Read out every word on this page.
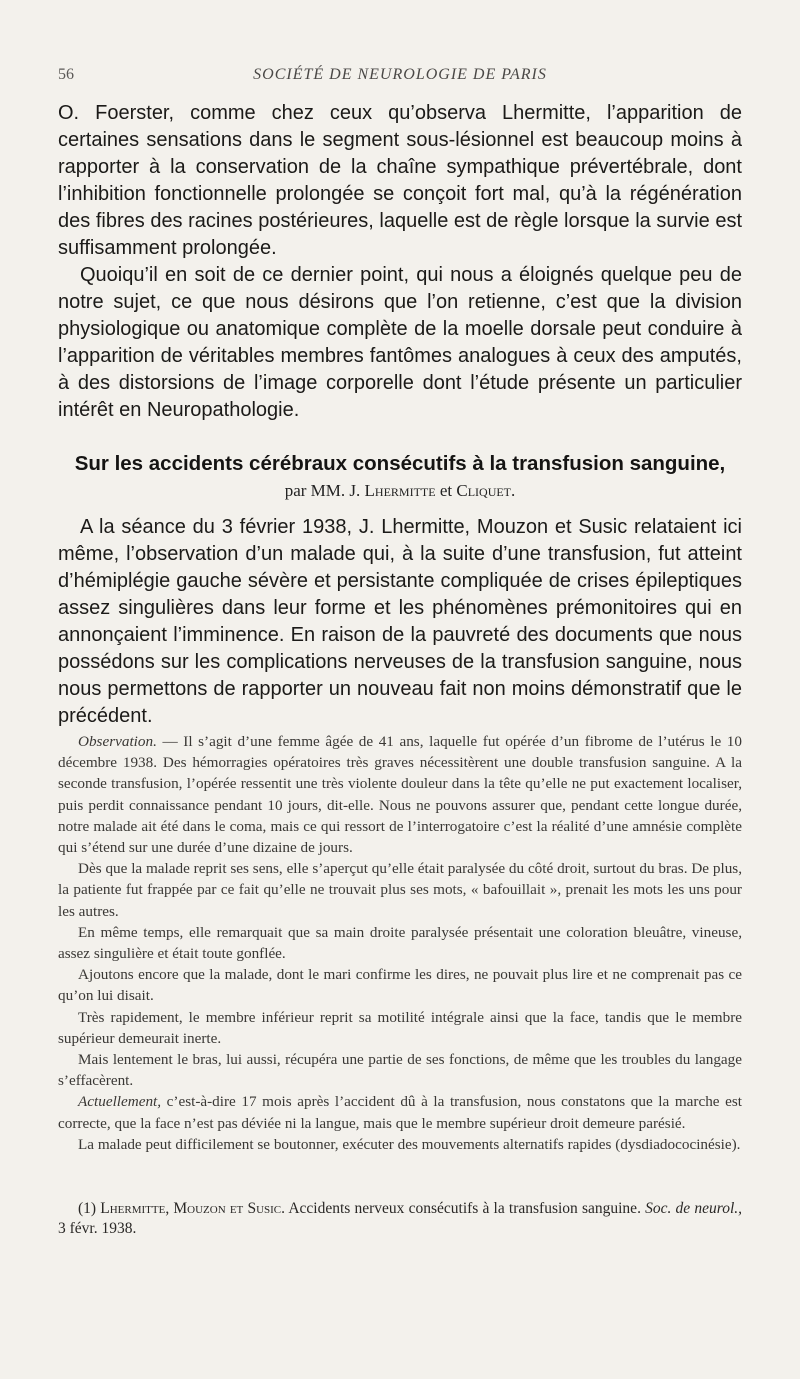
56	SOCIÉTÉ DE NEUROLOGIE DE PARIS

O. Foerster, comme chez ceux qu’observa Lhermitte, l’apparition de certaines sensations dans le segment sous-lésionnel est beaucoup moins à rapporter à la conservation de la chaîne sympathique prévertébrale, dont l’inhibition fonctionnelle prolongée se conçoit fort mal, qu’à la régénération des fibres des racines postérieures, laquelle est de règle lorsque la survie est suffisamment prolongée.

Quoiqu’il en soit de ce dernier point, qui nous a éloignés quelque peu de notre sujet, ce que nous désirons que l’on retienne, c’est que la division physiologique ou anatomique complète de la moelle dorsale peut conduire à l’apparition de véritables membres fantômes analogues à ceux des amputés, à des distorsions de l’image corporelle dont l’étude présente un particulier intérêt en Neuropathologie.

Sur les accidents cérébraux consécutifs à la transfusion sanguine,
par MM. J. Lhermitte et Cliquet.

A la séance du 3 février 1938, J. Lhermitte, Mouzon et Susic relataient ici même, l’observation d’un malade qui, à la suite d’une transfusion, fut atteint d’hémiplégie gauche sévère et persistante compliquée de crises épileptiques assez singulières dans leur forme et les phénomènes prémonitoires qui en annonçaient l’imminence. En raison de la pauvreté des documents que nous possédons sur les complications nerveuses de la transfusion sanguine, nous nous permettons de rapporter un nouveau fait non moins démonstratif que le précédent.

Observation. — Il s’agit d’une femme âgée de 41 ans, laquelle fut opérée d’un fibrome de l’utérus le 10 décembre 1938. Des hémorragies opératoires très graves nécessitèrent une double transfusion sanguine. A la seconde transfusion, l’opérée ressentit une très violente douleur dans la tête qu’elle ne put exactement localiser, puis perdit connaissance pendant 10 jours, dit-elle. Nous ne pouvons assurer que, pendant cette longue durée, notre malade ait été dans le coma, mais ce qui ressort de l’interrogatoire c’est la réalité d’une amnésie complète qui s’étend sur une durée d’une dizaine de jours.

Dès que la malade reprit ses sens, elle s’aperçut qu’elle était paralysée du côté droit, surtout du bras. De plus, la patiente fut frappée par ce fait qu’elle ne trouvait plus ses mots, « bafouillait », prenait les mots les uns pour les autres.

En même temps, elle remarquait que sa main droite paralysée présentait une coloration bleuâtre, vineuse, assez singulière et était toute gonflée.

Ajoutons encore que la malade, dont le mari confirme les dires, ne pouvait plus lire et ne comprenait pas ce qu’on lui disait.

Très rapidement, le membre inférieur reprit sa motilité intégrale ainsi que la face, tandis que le membre supérieur demeurait inerte.

Mais lentement le bras, lui aussi, récupéra une partie de ses fonctions, de même que les troubles du langage s’effacèrent.

Actuellement, c’est-à-dire 17 mois après l’accident dû à la transfusion, nous constatons que la marche est correcte, que la face n’est pas déviée ni la langue, mais que le membre supérieur droit demeure parésié.

La malade peut difficilement se boutonner, exécuter des mouvements alternatifs rapides (dysdiadococinésie).

(1) Lhermitte, Mouzon et Susic. Accidents nerveux consécutifs à la transfusion sanguine. Soc. de neurol., 3 févr. 1938.
